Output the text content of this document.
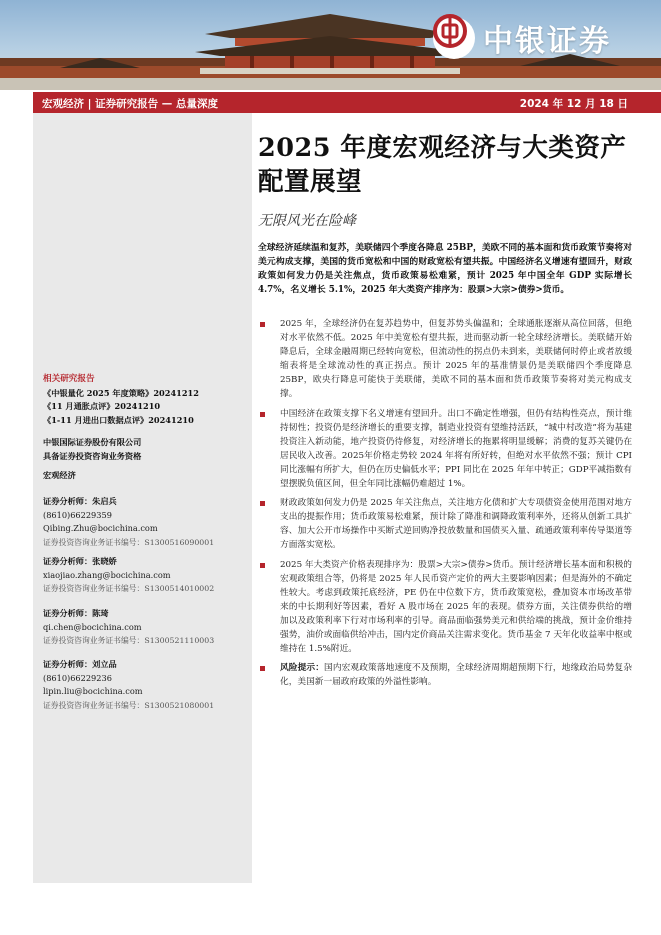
中银证券
宏观经济 | 证券研究报告 — 总量深度	2024 年 12 月 18 日
相关研究报告
《中银量化 2025 年度策略》20241212
《11 月通胀点评》20241210
《1-11 月进出口数据点评》20241210
中银国际证券股份有限公司
具备证券投资咨询业务资格
宏观经济
证券分析师：朱启兵
(8610)66229359
Qibing.Zhu@bocichina.com
证券投资咨询业务证书编号：S1300516090001
证券分析师：张晓娇
xiaojiao.zhang@bocichina.com
证券投资咨询业务证书编号：S1300514010002
证券分析师：陈琦
qi.chen@bocichina.com
证券投资咨询业务证书编号：S1300521110003
证券分析师：刘立品
(8610)66229236
lipin.liu@bocichina.com
证券投资咨询业务证书编号：S1300521080001
2025 年度宏观经济与大类资产配置展望
无限风光在险峰
全球经济延续温和复苏，美联储四个季度各降息 25BP，美欧不同的基本面和货币政策节奏将对美元构成支撑，美国的货币宽松和中国的财政宽松有望共振。中国经济名义增速有望回升，财政政策如何发力仍是关注焦点，货币政策易松难紧，预计 2025 年中国全年 GDP 实际增长 4.7%，名义增长 5.1%，2025 年大类资产排序为：股票>大宗>债券>货币。
2025 年，全球经济仍在复苏趋势中，但复苏势头偏温和；全球通胀逐渐从高位回落，但绝对水平依然不低。2025 年中美宽松有望共振，进而驱动新一轮全球经济增长。美联储开始降息后，全球金融周期已经转向宽松，但流动性的拐点仍未到来，美联储何时停止或者放缓缩表将是全球流动性的真正拐点。预计 2025 年的基准情景仍是美联储四个季度降息25BP，欧央行降息可能快于美联储，美欧不同的基本面和货币政策节奏将对美元构成支撑。
中国经济在政策支撑下名义增速有望回升。出口不确定性增强，但仍有结构性亮点，预计维持韧性；投资仍是经济增长的重要支撑，制造业投资有望维持活跃，“城中村改造”将为基建投资注入新动能，地产投资仍待修复，对经济增长的拖累将明显缓解；消费的复苏关键仍在居民收入改善。2025年价格走势较 2024 年将有所好转，但绝对水平依然不强；预计 CPI 同比涨幅有所扩大，但仍在历史偏低水平；PPI 同比在 2025 年年中转正；GDP平减指数有望摆脱负值区间，但全年同比涨幅仍难超过 1%。
财政政策如何发力仍是 2025 年关注焦点，关注地方化债和扩大专项债资金使用范围对地方支出的提振作用；货币政策易松难紧，预计除了降准和调降政策利率外，还将从创新工具扩容、加大公开市场操作中买断式逆回购净投放数量和国债买入量、疏通政策利率传导渠道等方面落实宽松。
2025 年大类资产价格表现排序为：股票>大宗>债券>货币。预计经济增长基本面和积极的宏观政策组合等，仍将是 2025 年人民币资产定价的两大主要影响因素；但是海外的不确定性较大。考虑到政策托底经济，PE 仍在中位数下方，货币政策宽松，叠加资本市场改革带来的中长期利好等因素，看好 A 股市场在 2025 年的表现。债券方面，关注债券供给的增加以及政策利率下行对市场利率的引导。商品面临强势美元和供给端的挑战，预计金价维持强势，油价或面临供给冲击，国内定价商品关注需求变化。货币基金 7 天年化收益率中枢或维持在 1.5%附近。
风险提示：国内宏观政策落地速度不及预期，全球经济周期超预期下行，地缘政治局势复杂化，美国新一届政府政策的外溢性影响。
